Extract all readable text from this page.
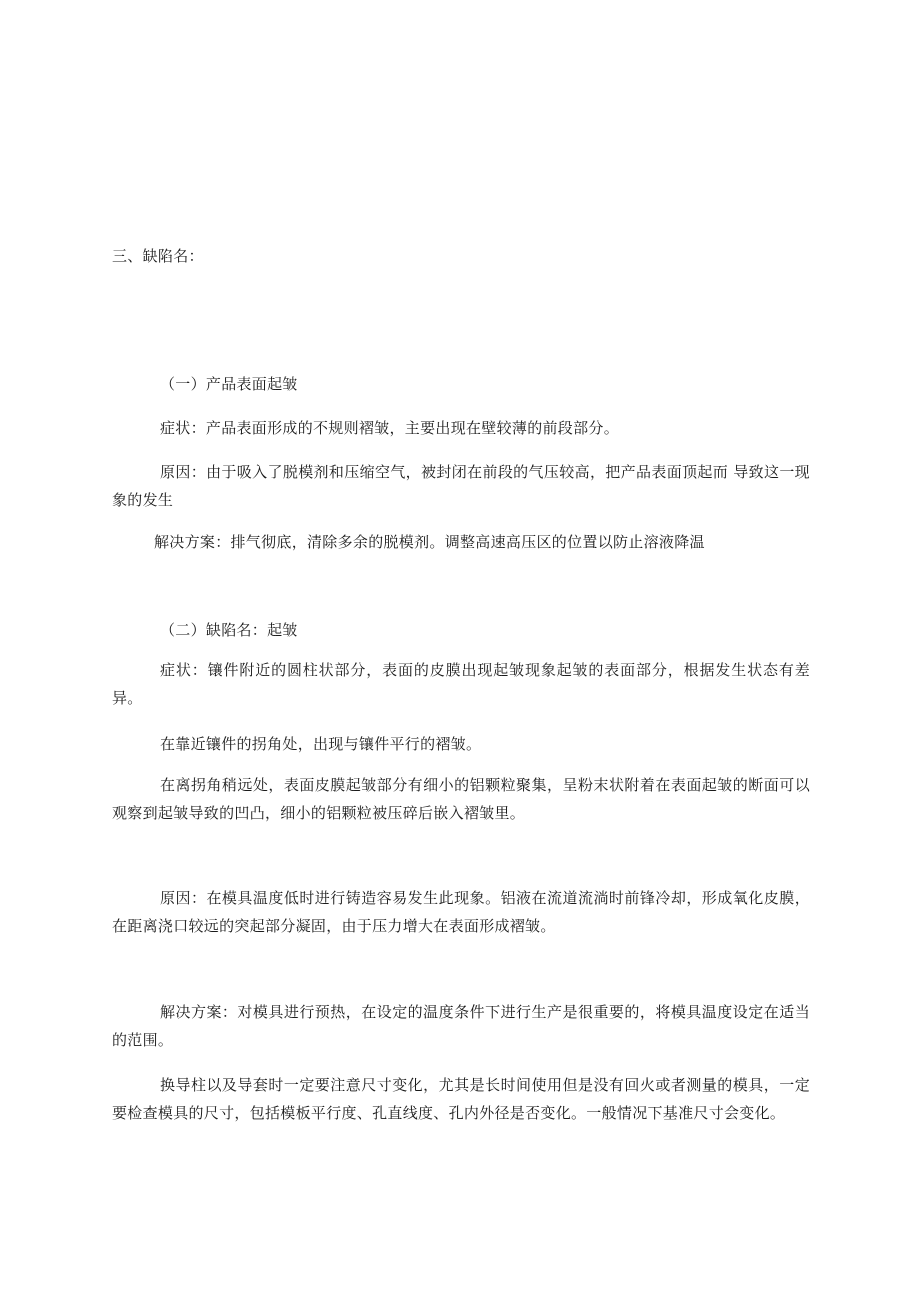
三、缺陷名：
（一）产品表面起皱
症状：产品表面形成的不规则褶皱，主要出现在壁较薄的前段部分。
原因：由于吸入了脱模剂和压缩空气，被封闭在前段的气压较高，把产品表面顶起而 导致这一现象的发生
解决方案：排气彻底，清除多余的脱模剂。调整高速高压区的位置以防止溶液降温
（二）缺陷名：起皱
症状：镶件附近的圆柱状部分，表面的皮膜出现起皱现象起皱的表面部分，根据发生状态有差异。
在靠近镶件的拐角处，出现与镶件平行的褶皱。
在离拐角稍远处，表面皮膜起皱部分有细小的铝颗粒聚集，呈粉末状附着在表面起皱的断面可以观察到起皱导致的凹凸，细小的铝颗粒被压碎后嵌入褶皱里。
原因：在模具温度低时进行铸造容易发生此现象。铝液在流道流淌时前锋冷却，形成氧化皮膜，在距离浇口较远的突起部分凝固，由于压力增大在表面形成褶皱。
解决方案：对模具进行预热，在设定的温度条件下进行生产是很重要的，将模具温度设定在适当的范围。
换导柱以及导套时一定要注意尺寸变化，尤其是长时间使用但是没有回火或者测量的模具，一定要检查模具的尺寸，包括模板平行度、孔直线度、孔内外径是否变化。一般情况下基准尺寸会变化。
